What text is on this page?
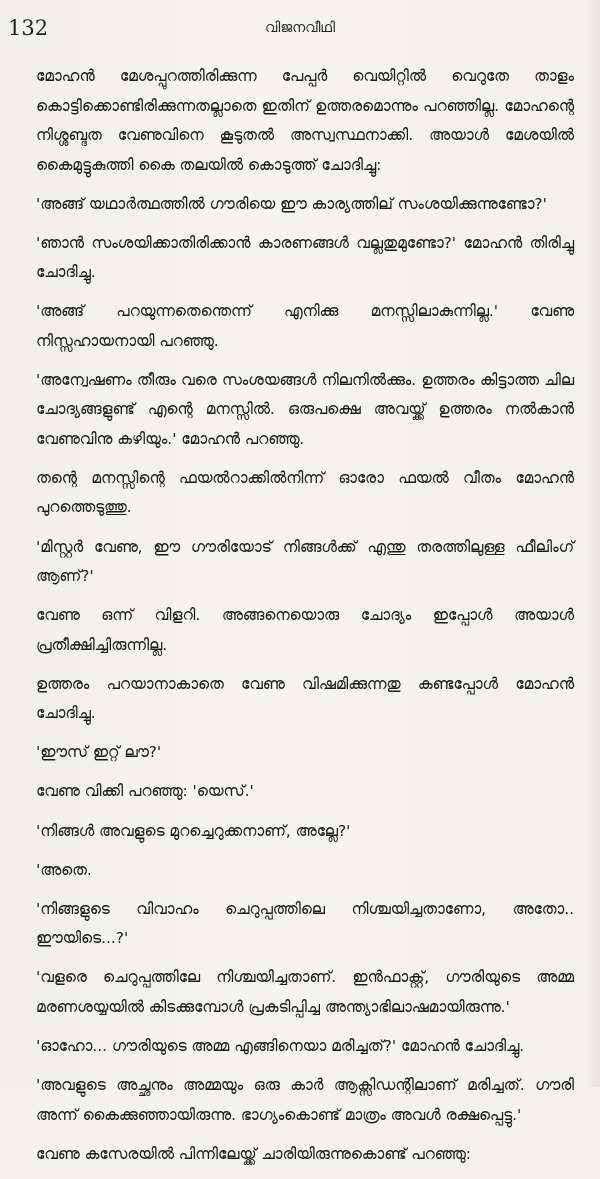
132	വിജനവീഥി

മോഹൻ മേശപ്പുറത്തിരിക്കുന്ന പേപ്പർ വെയിറ്റിൽ വെറുതേ താളം കൊട്ടിക്കൊണ്ടിരിക്കുന്നതല്ലാതെ ഇതിന് ഉത്തരമൊന്നും പറഞ്ഞില്ല. മോഹന്റെ നിശ്ശബ്ദത വേണുവിനെ കൂടുതൽ അസ്വസ്ഥനാക്കി. അയാൾ മേശയിൽ കൈമുട്ടുകുത്തി കൈ തലയിൽ കൊടുത്ത് ചോദിച്ചു:

'അങ്ങ് യഥാർത്ഥത്തിൽ ഗൗരിയെ ഈ കാര്യത്തില് സംശയിക്കുന്നുണ്ടോ?'

'ഞാൻ സംശയിക്കാതിരിക്കാൻ കാരണങ്ങൾ വല്ലതുമുണ്ടോ?' മോഹൻ തിരിച്ചു ചോദിച്ചു.

'അങ്ങ് പറയുന്നതെന്തെന്ന് എനിക്കു മനസ്സിലാകുന്നില്ല.' വേണു നിസ്സഹായനായി പറഞ്ഞു.

'അന്വേഷണം തീരും വരെ സംശയങ്ങൾ നിലനിൽക്കും. ഉത്തരം കിട്ടാത്ത ചില ചോദ്യങ്ങളുണ്ട് എന്റെ മനസ്സിൽ. ഒരുപക്ഷെ അവയ്ക്ക് ഉത്തരം നൽകാൻ വേണുവിനു കഴിയും.' മോഹൻ പറഞ്ഞു.

തന്റെ മനസ്സിന്റെ ഫയൽറാക്കിൽനിന്ന് ഓരോ ഫയൽ വീതം മോഹൻ പുറത്തെടുത്തു.

'മിസ്റ്റർ വേണു, ഈ ഗൗരിയോട് നിങ്ങൾക്ക് എന്തു തരത്തിലുള്ള ഫീലിംഗ് ആണ്?'

വേണു ഒന്ന് വിളറി. അങ്ങനെയൊരു ചോദ്യം ഇപ്പോൾ അയാൾ പ്രതീക്ഷിച്ചിരുന്നില്ല.

ഉത്തരം പറയാനാകാതെ വേണു വിഷമിക്കുന്നതു കണ്ടപ്പോൾ മോഹൻ ചോദിച്ചു.

'ഈസ് ഇറ്റ് ലൗ?'

വേണു വിക്കി പറഞ്ഞു: 'യെസ്.'

'നിങ്ങൾ അവളുടെ മുറച്ചെറുക്കനാണ്, അല്ലേ?'

'അതെ.

'നിങ്ങളുടെ വിവാഹം ചെറുപ്പത്തിലെ നിശ്ചയിച്ചതാണോ, അതോ.. ഈയിടെ...?'

'വളരെ ചെറുപ്പത്തിലേ നിശ്ചയിച്ചതാണ്. ഇൻഫാക്റ്റ്, ഗൗരിയുടെ അമ്മ മരണശയ്യയിൽ കിടക്കുമ്പോൾ പ്രകടിപ്പിച്ച അന്ത്യാഭിലാഷമായിരുന്നു.'

'ഓഹോ... ഗൗരിയുടെ അമ്മ എങ്ങിനെയാ മരിച്ചത്?' മോഹൻ ചോദിച്ചു.

'അവളുടെ അച്ഛനും അമ്മയും ഒരു കാർ ആക്സിഡന്റിലാണ് മരിച്ചത്. ഗൗരി അന്ന് കൈക്കുഞ്ഞായിരുന്നു. ഭാഗ്യംകൊണ്ട് മാത്രം അവൾ രക്ഷപ്പെട്ടു.'

വേണു കസേരയിൽ പിന്നിലേയ്ക്ക് ചാരിയിരുന്നുകൊണ്ട് പറഞ്ഞു:
